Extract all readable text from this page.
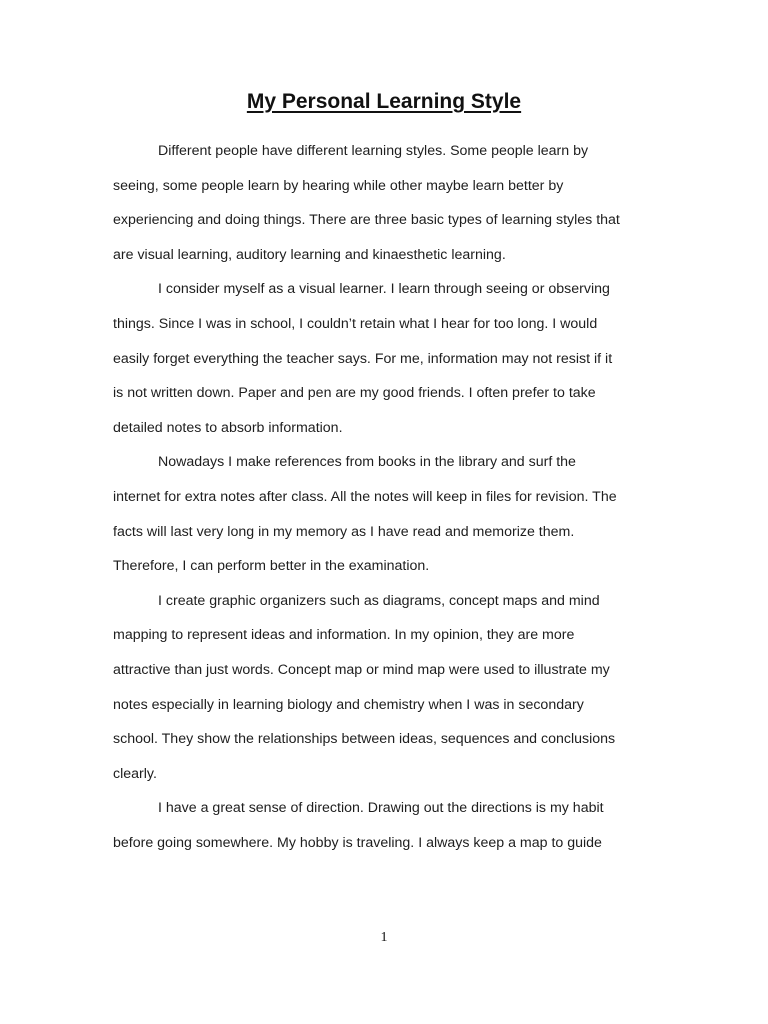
My Personal Learning Style
Different people have different learning styles. Some people learn by
seeing, some people learn by hearing while other maybe learn better by
experiencing and doing things. There are three basic types of learning styles that
are visual learning, auditory learning and kinaesthetic learning.
I consider myself as a visual learner. I learn through seeing or observing
things. Since I was in school, I couldn’t retain what I hear for too long. I would
easily forget everything the teacher says. For me, information may not resist if it
is not written down. Paper and pen are my good friends. I often prefer to take
detailed notes to absorb information.
Nowadays I make references from books in the library and surf the
internet for extra notes after class. All the notes will keep in files for revision. The
facts will last very long in my memory as I have read and memorize them.
Therefore, I can perform better in the examination.
I create graphic organizers such as diagrams, concept maps and mind
mapping to represent ideas and information. In my opinion, they are more
attractive than just words. Concept map or mind map were used to illustrate my
notes especially in learning biology and chemistry when I was in secondary
school. They show the relationships between ideas, sequences and conclusions
clearly.
I have a great sense of direction. Drawing out the directions is my habit
before going somewhere. My hobby is traveling. I always keep a map to guide
1
